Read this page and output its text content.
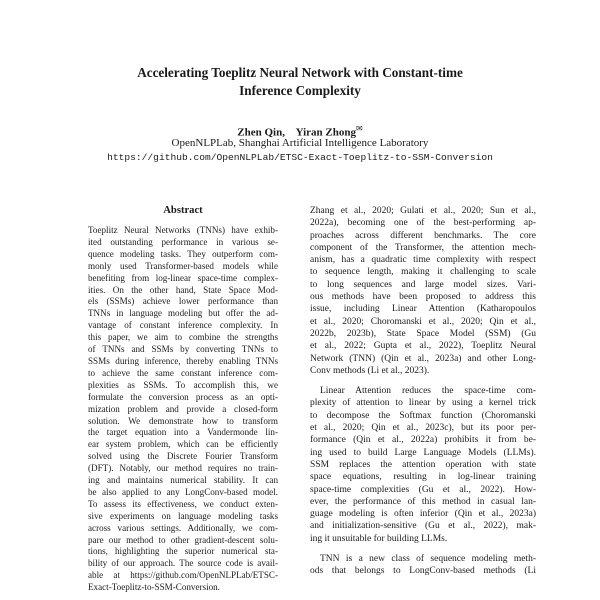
Accelerating Toeplitz Neural Network with Constant-time
Inference Complexity
Zhen Qin,    Yiran Zhong✉
OpenNLPLab, Shanghai Artificial Intelligence Laboratory
https://github.com/OpenNLPLab/ETSC-Exact-Toeplitz-to-SSM-Conversion
Abstract
Toeplitz Neural Networks (TNNs) have exhib-
ited outstanding performance in various se-
quence modeling tasks. They outperform com-
monly used Transformer-based models while
benefiting from log-linear space-time complex-
ities. On the other hand, State Space Mod-
els (SSMs) achieve lower performance than
TNNs in language modeling but offer the ad-
vantage of constant inference complexity. In
this paper, we aim to combine the strengths
of TNNs and SSMs by converting TNNs to
SSMs during inference, thereby enabling TNNs
to achieve the same constant inference com-
plexities as SSMs. To accomplish this, we
formulate the conversion process as an opti-
mization problem and provide a closed-form
solution. We demonstrate how to transform
the target equation into a Vandermonde lin-
ear system problem, which can be efficiently
solved using the Discrete Fourier Transform
(DFT). Notably, our method requires no train-
ing and maintains numerical stability. It can
be also applied to any LongConv-based model.
To assess its effectiveness, we conduct exten-
sive experiments on language modeling tasks
across various settings. Additionally, we com-
pare our method to other gradient-descent solu-
tions, highlighting the superior numerical sta-
bility of our approach. The source code is avail-
able at https://github.com/OpenNLPLab/ETSC-
Exact-Toeplitz-to-SSM-Conversion.
Zhang et al., 2020; Gulati et al., 2020; Sun et al.,
2022a), becoming one of the best-performing ap-
proaches across different benchmarks. The core
component of the Transformer, the attention mech-
anism, has a quadratic time complexity with respect
to sequence length, making it challenging to scale
to long sequences and large model sizes. Vari-
ous methods have been proposed to address this
issue, including Linear Attention (Katharopoulos
et al., 2020; Choromanski et al., 2020; Qin et al.,
2022b, 2023b), State Space Model (SSM) (Gu
et al., 2022; Gupta et al., 2022), Toeplitz Neural
Network (TNN) (Qin et al., 2023a) and other Long-
Conv methods (Li et al., 2023).
Linear Attention reduces the space-time com-
plexity of attention to linear by using a kernel trick
to decompose the Softmax function (Choromanski
et al., 2020; Qin et al., 2023c), but its poor per-
formance (Qin et al., 2022a) prohibits it from be-
ing used to build Large Language Models (LLMs).
SSM replaces the attention operation with state
space equations, resulting in log-linear training
space-time complexities (Gu et al., 2022). How-
ever, the performance of this method in casual lan-
guage modeling is often inferior (Qin et al., 2023a)
and initialization-sensitive (Gu et al., 2022), mak-
ing it unsuitable for building LLMs.
TNN is a new class of sequence modeling meth-
ods that belongs to LongConv-based methods (Li
